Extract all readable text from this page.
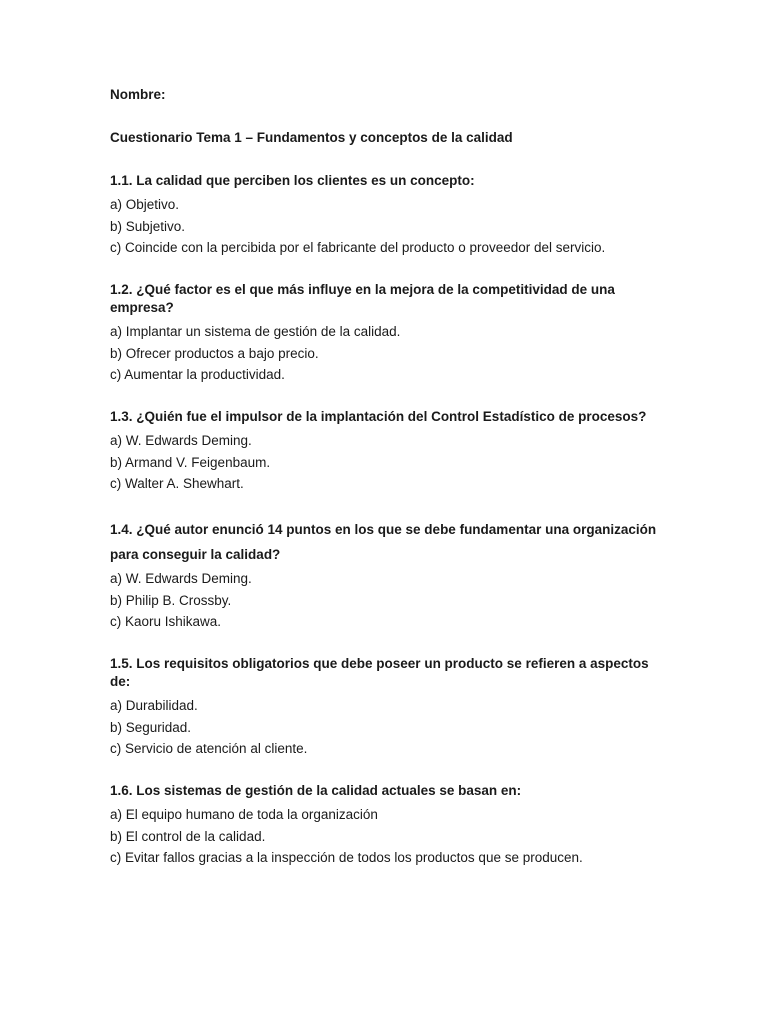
Nombre:
Cuestionario Tema 1 – Fundamentos y conceptos de la calidad
1.1. La calidad que perciben los clientes es un concepto:
a) Objetivo.
b) Subjetivo.
c) Coincide con la percibida por el fabricante del producto o proveedor del servicio.
1.2. ¿Qué factor es el que más influye en la mejora de la competitividad de una empresa?
a) Implantar un sistema de gestión de la calidad.
b) Ofrecer productos a bajo precio.
c) Aumentar la productividad.
1.3. ¿Quién fue el impulsor de la implantación del Control Estadístico de procesos?
a) W. Edwards Deming.
b) Armand V. Feigenbaum.
c) Walter A. Shewhart.
1.4. ¿Qué autor enunció 14 puntos en los que se debe fundamentar una organización para conseguir la calidad?
a) W. Edwards Deming.
b) Philip B. Crossby.
c) Kaoru Ishikawa.
1.5. Los requisitos obligatorios que debe poseer un producto se refieren a aspectos de:
a) Durabilidad.
b) Seguridad.
c) Servicio de atención al cliente.
1.6. Los sistemas de gestión de la calidad actuales se basan en:
a) El equipo humano de toda la organización
b) El control de la calidad.
c) Evitar fallos gracias a la inspección de todos los productos que se producen.
